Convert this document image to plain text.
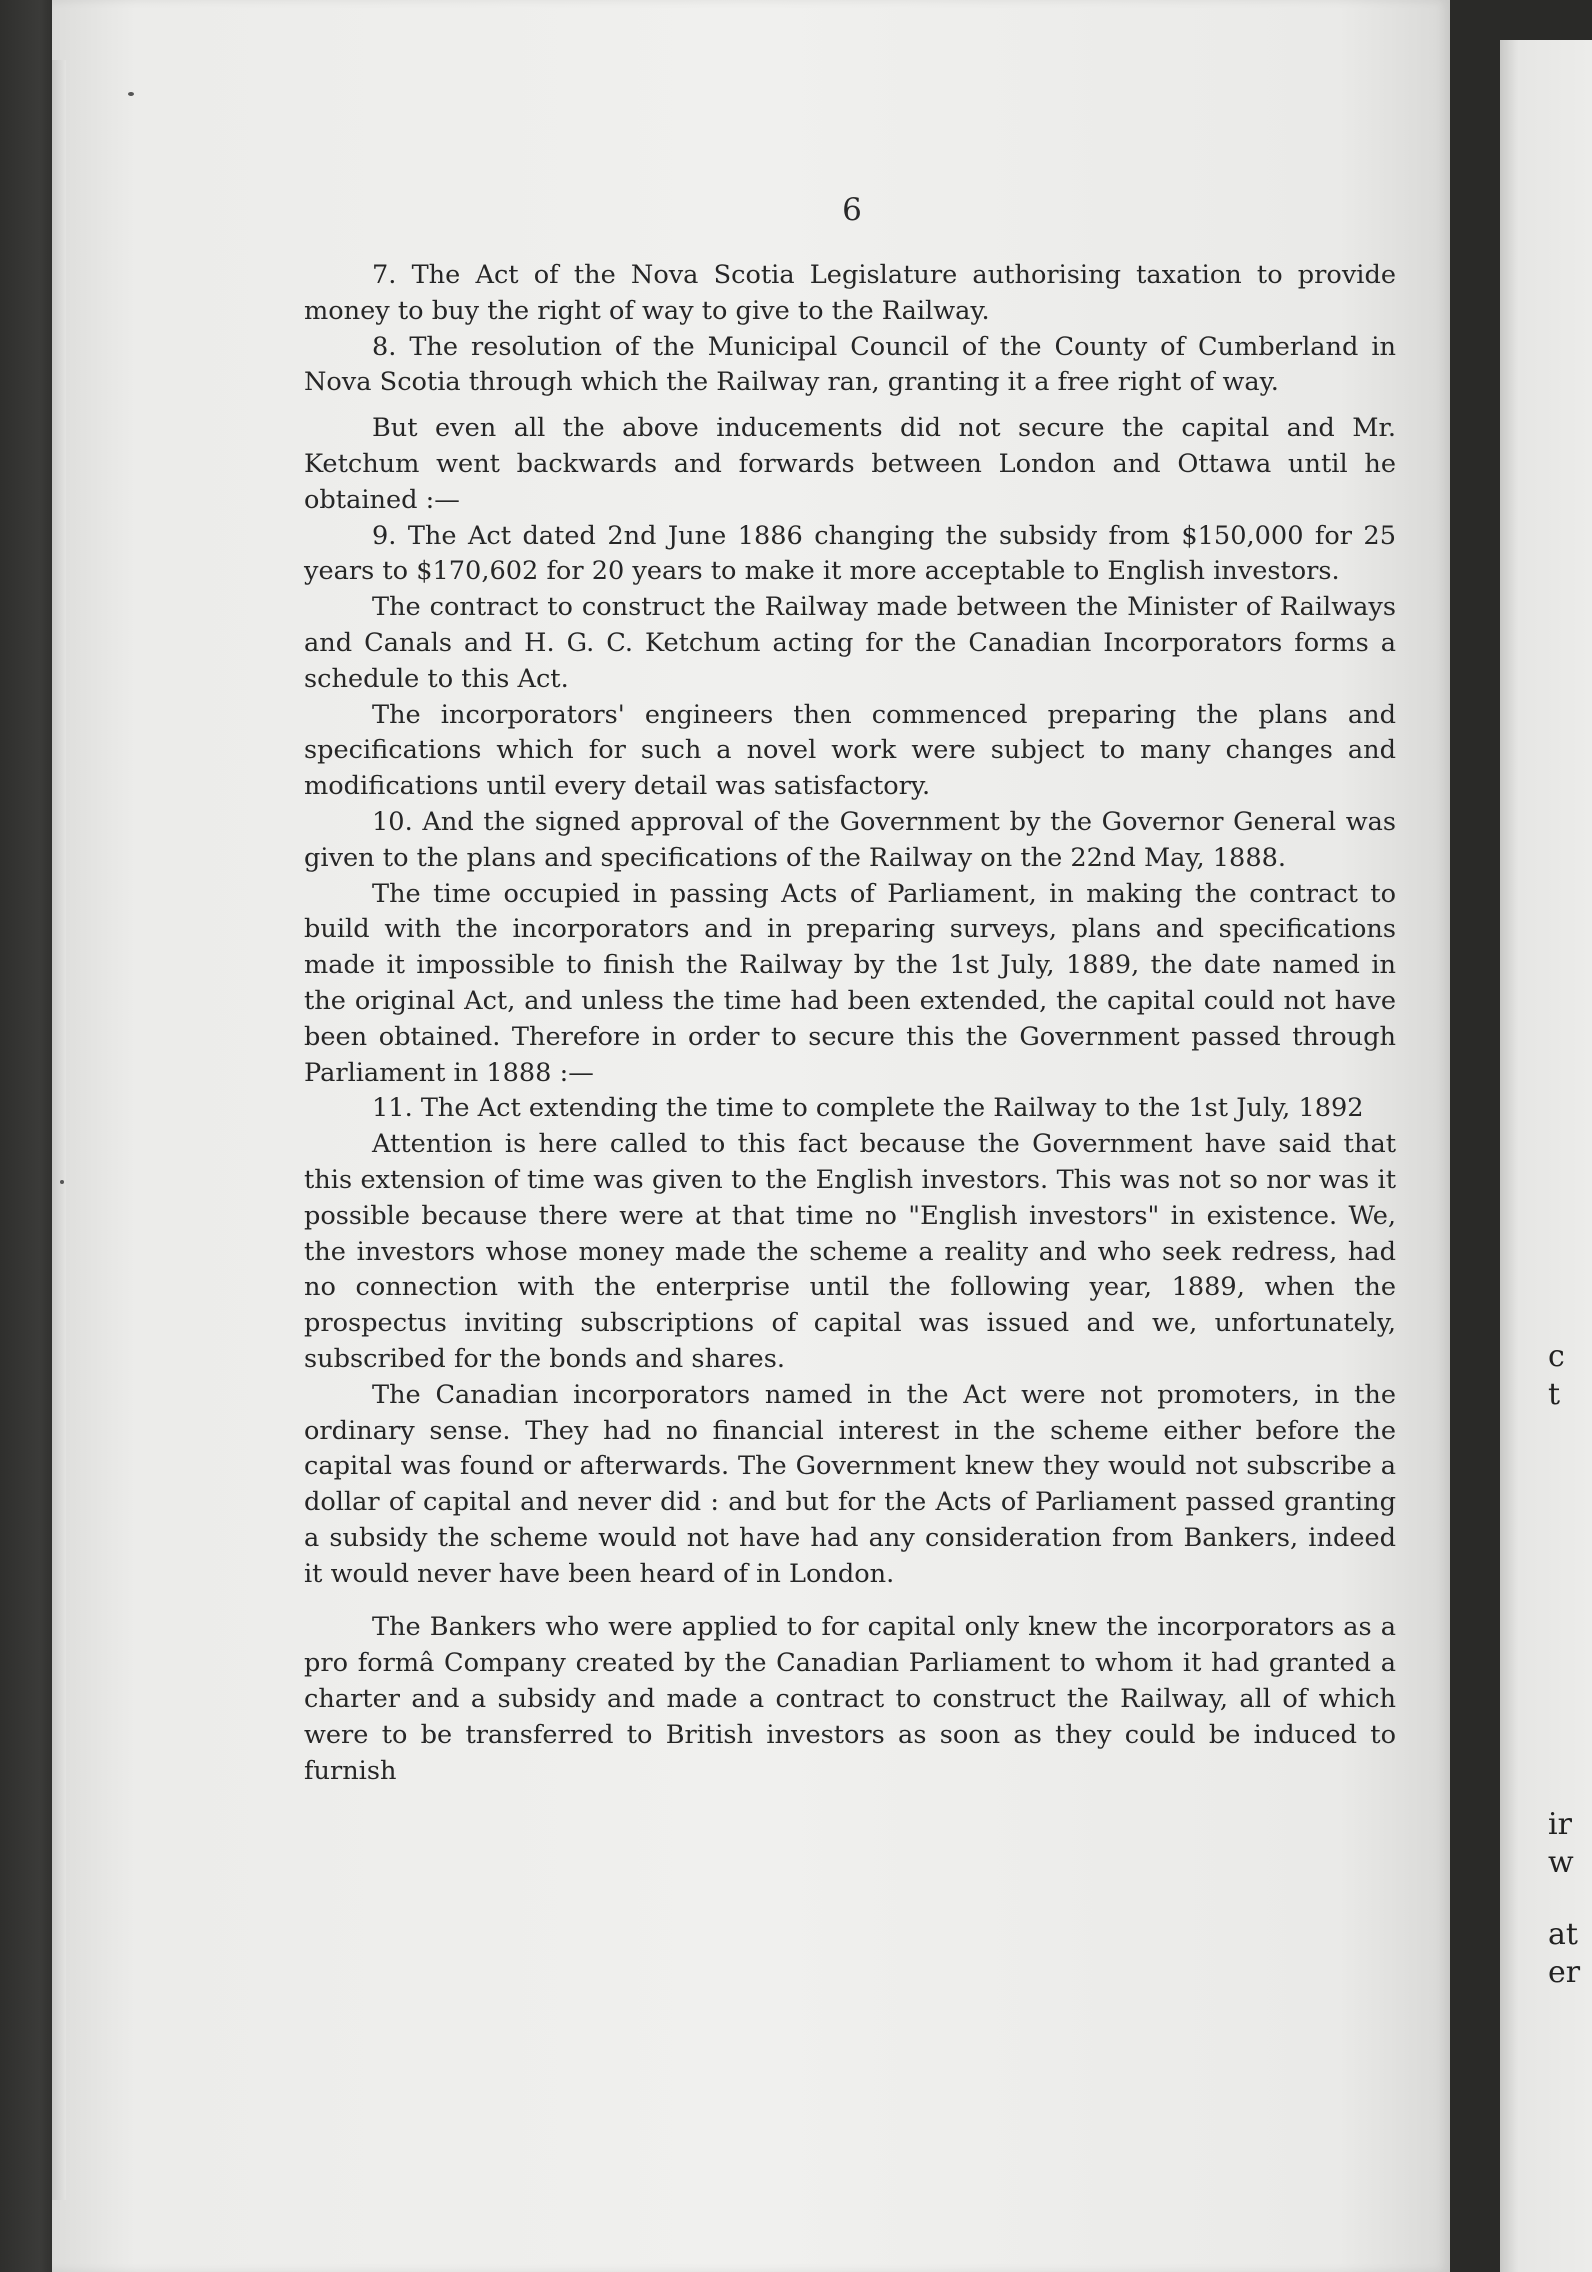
6

7. The Act of the Nova Scotia Legislature authorising taxation to provide money to buy the right of way to give to the Railway.

8. The resolution of the Municipal Council of the County of Cumberland in Nova Scotia through which the Railway ran, granting it a free right of way.

But even all the above inducements did not secure the capital and Mr. Ketchum went backwards and forwards between London and Ottawa until he obtained :—

9. The Act dated 2nd June 1886 changing the subsidy from $150,000 for 25 years to $170,602 for 20 years to make it more acceptable to English investors.

The contract to construct the Railway made between the Minister of Railways and Canals and H. G. C. Ketchum acting for the Canadian Incorporators forms a schedule to this Act.

The incorporators' engineers then commenced preparing the plans and specifications which for such a novel work were subject to many changes and modifications until every detail was satisfactory.

10. And the signed approval of the Government by the Governor General was given to the plans and specifications of the Railway on the 22nd May, 1888.

The time occupied in passing Acts of Parliament, in making the contract to build with the incorporators and in preparing surveys, plans and specifications made it impossible to finish the Railway by the 1st July, 1889, the date named in the original Act, and unless the time had been extended, the capital could not have been obtained. Therefore in order to secure this the Government passed through Parliament in 1888 :—

11. The Act extending the time to complete the Railway to the 1st July, 1892

Attention is here called to this fact because the Government have said that this extension of time was given to the English investors. This was not so nor was it possible because there were at that time no "English investors" in existence. We, the investors whose money made the scheme a reality and who seek redress, had no connection with the enterprise until the following year, 1889, when the prospectus inviting subscriptions of capital was issued and we, unfortunately, subscribed for the bonds and shares.

The Canadian incorporators named in the Act were not promoters, in the ordinary sense. They had no financial interest in the scheme either before the capital was found or afterwards. The Government knew they would not subscribe a dollar of capital and never did : and but for the Acts of Parliament passed granting a subsidy the scheme would not have had any consideration from Bankers, indeed it would never have been heard of in London.

The Bankers who were applied to for capital only knew the incorporators as a pro formâ Company created by the Canadian Parliament to whom it had granted a charter and a subsidy and made a contract to construct the Railway, all of which were to be transferred to British investors as soon as they could be induced to furnish

c
t
ir
w
at
er
